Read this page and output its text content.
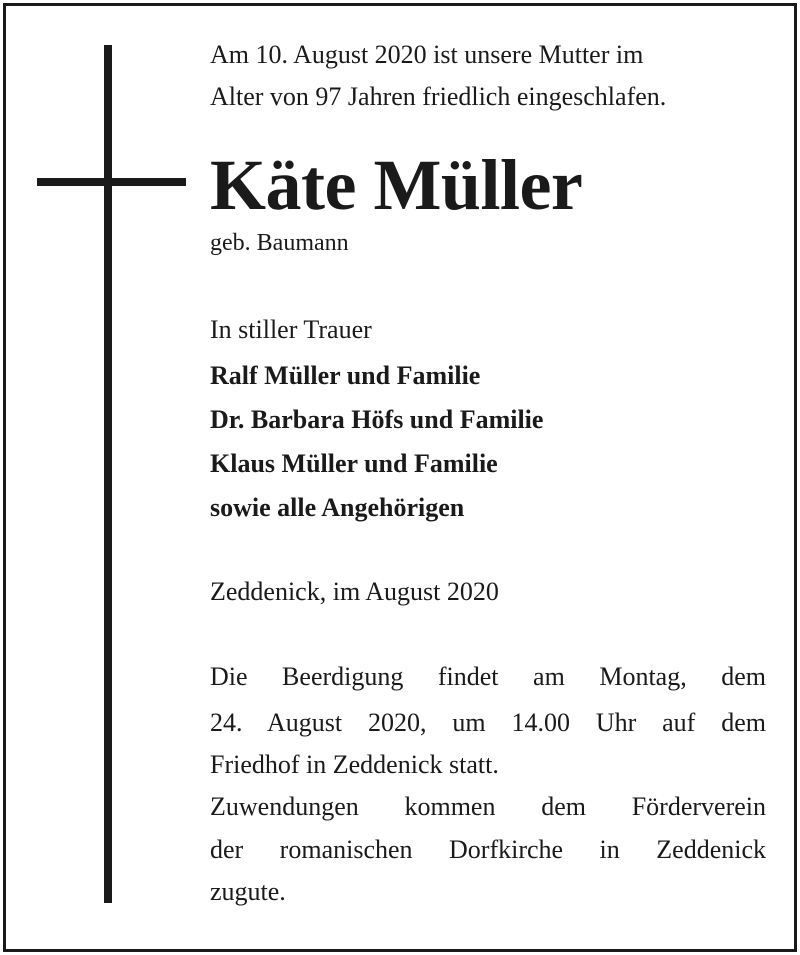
Am 10. August 2020 ist unsere Mutter im
Alter von 97 Jahren friedlich eingeschlafen.
Käte Müller
geb. Baumann
In stiller Trauer
Ralf Müller und Familie
Dr. Barbara Höfs und Familie
Klaus Müller und Familie
sowie alle Angehörigen
Zeddenick, im August 2020
Die Beerdigung findet am Montag, dem
24. August 2020, um 14.00 Uhr auf dem
Friedhof in Zeddenick statt.
Zuwendungen kommen dem Förderverein
der romanischen Dorfkirche in Zeddenick
zugute.
